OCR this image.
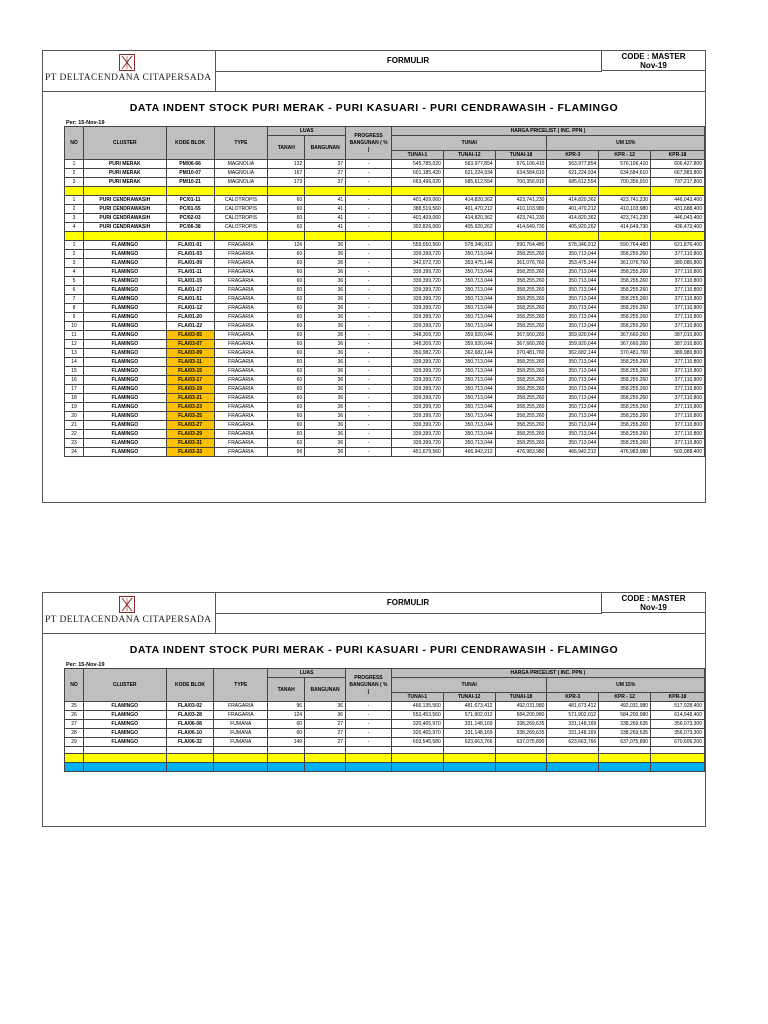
PT DELTACENDANA CITAPERSADA
FORMULIR	CODE : MASTER
Nov-19
DATA INDENT STOCK PURI MERAK - PURI KASUARI - PURI CENDRAWASIH - FLAMINGO
Per: 15-Nov-19
NO	CLUSTER	KODE BLOK	TYPE	LUAS		PROGRESS BANGUNAN ( % )	HARGA PRICELIST ( INC. PPN )					
				TANAH	BANGUNAN		TUNAI			UM 15%		
							TUNAI-1	TUNAI-12	TUNAI-18	KPR-3	KPR - 12	KPR-18
1	PURI MERAK	PM/06-66	MAGNOLIA	132	37	-	545,785,020	563,977,854	576,106,410	563,977,854	576,106,410	606,427,800
2	PURI MERAK	PM/10-07	MAGNOLIA	167	27	-	601,185,420	621,224,934	634,584,610	621,224,934	634,584,610	667,983,800
3	PURI MERAK	PM/10-21	MAGNOLIA	173	37	-	663,496,020	685,612,554	700,356,910	685,612,554	700,356,910	737,217,800

1	PURI CENDRAWASIH	PC/01-11	CALOTROPIS	60	41	-	401,409,060	414,820,362	423,741,230	414,820,362	423,741,230	446,043,400
2	PURI CENDRAWASIH	PC/01-55	CALOTROPIS	60	41	-	388,519,560	401,470,212	410,103,980	401,470,212	410,103,980	431,688,400
3	PURI CENDRAWASIH	PC/02-03	CALOTROPIS	60	41	-	401,409,060	414,820,362	423,741,230	414,820,362	423,741,230	446,043,400
4	PURI CENDRAWASIH	PC/06-38	CALOTROPIS	60	41	-	392,826,060	405,920,262	414,649,730	405,920,262	414,649,730	436,473,400

1	FLAMINGO	FLA/01-01	FRAGARIA	126	36	-	559,650,560	578,346,912	590,764,480	578,346,912	590,764,480	621,876,400
2	FLAMINGO	FLA/01-03	FRAGARIA	60	36	-	339,399,720	350,713,044	358,255,260	350,713,044	358,255,260	377,110,800
3	FLAMINGO	FLA/01-09	FRAGARIA	60	36	-	342,072,720	353,475,144	361,076,760	353,475,144	361,076,760	380,080,800
4	FLAMINGO	FLA/01-11	FRAGARIA	60	36	-	339,399,720	350,713,044	358,255,260	350,713,044	358,255,260	377,110,800
5	FLAMINGO	FLA/01-15	FRAGARIA	60	36	-	339,399,720	350,713,044	358,255,260	350,713,044	358,255,260	377,110,800
6	FLAMINGO	FLA/01-17	FRAGARIA	60	36	-	339,399,720	350,713,044	358,255,260	350,713,044	358,255,260	377,110,800
7	FLAMINGO	FLA/01-51	FRAGARIA	60	36	-	339,399,720	350,713,044	358,255,260	350,713,044	358,255,260	377,110,800
8	FLAMINGO	FLA/01-12	FRAGARIA	60	36	-	339,399,720	350,713,044	358,255,260	350,713,044	358,255,260	377,110,800
9	FLAMINGO	FLA/01-20	FRAGARIA	60	36	-	339,399,720	350,713,044	358,255,260	350,713,044	358,255,260	377,110,800
10	FLAMINGO	FLA/01-22	FRAGARIA	60	36	-	339,399,720	350,713,044	358,255,260	350,713,044	358,255,260	377,110,800
11	FLAMINGO	FLA/03-05	FRAGARIA	60	36	-	348,309,720	359,920,044	367,660,260	359,920,044	367,660,260	387,010,800
12	FLAMINGO	FLA/03-07	FRAGARIA	60	36	-	348,309,720	359,920,044	367,660,260	359,920,044	367,660,260	387,010,800
13	FLAMINGO	FLA/03-09	FRAGARIA	60	36	-	350,982,720	362,682,144	370,481,760	362,682,144	370,481,760	389,980,800
14	FLAMINGO	FLA/03-11	FRAGARIA	60	36	-	339,399,720	350,713,044	358,255,260	350,713,044	358,255,260	377,110,800
15	FLAMINGO	FLA/03-15	FRAGARIA	60	36	-	339,399,720	350,713,044	358,255,260	350,713,044	358,255,260	377,110,800
16	FLAMINGO	FLA/03-17	FRAGARIA	60	36	-	339,399,720	350,713,044	358,255,260	350,713,044	358,255,260	377,110,800
17	FLAMINGO	FLA/03-19	FRAGARIA	60	36	-	339,399,720	350,713,044	358,255,260	350,713,044	358,255,260	377,110,800
18	FLAMINGO	FLA/03-21	FRAGARIA	60	36	-	339,399,720	350,713,044	358,255,260	350,713,044	358,255,260	377,110,800
19	FLAMINGO	FLA/03-23	FRAGARIA	60	36	-	339,399,720	350,713,044	358,255,260	350,713,044	358,255,260	377,110,800
20	FLAMINGO	FLA/03-25	FRAGARIA	60	36	-	339,399,720	350,713,044	358,255,260	350,713,044	358,255,260	377,110,800
21	FLAMINGO	FLA/03-27	FRAGARIA	60	36	-	339,399,720	350,713,044	358,255,260	350,713,044	358,255,260	377,110,800
22	FLAMINGO	FLA/03-29	FRAGARIA	60	36	-	339,399,720	350,713,044	358,255,260	350,713,044	358,255,260	377,110,800
23	FLAMINGO	FLA/03-31	FRAGARIA	60	36	-	339,399,720	350,713,044	358,255,260	350,713,044	358,255,260	377,110,800
24	FLAMINGO	FLA/03-33	FRAGARIA	96	36	-	451,679,560	466,942,212	476,983,980	466,942,212	476,983,980	502,088,400
PT DELTACENDANA CITAPERSADA
FORMULIR	CODE : MASTER
Nov-19
DATA INDENT STOCK PURI MERAK - PURI KASUARI - PURI CENDRAWASIH - FLAMINGO
Per: 15-Nov-19
NO	CLUSTER	KODE BLOK	TYPE	LUAS		PROGRESS BANGUNAN ( % )	HARGA PRICELIST ( INC. PPN )					
				TANAH	BANGUNAN		TUNAI			UM 15%		
							TUNAI-1	TUNAI-12	TUNAI-18	KPR-3	KPR - 12	KPR-18
25	FLAMINGO	FLA/03-02	FRAGARIA	96	36	-	466,135,560	481,673,412	492,031,980	481,673,412	492,031,980	517,928,400
26	FLAMINGO	FLA/03-28	FRAGARIA	124	36	-	553,453,560	571,902,012	584,200,980	571,902,012	584,200,980	614,948,400
27	FLAMINGO	FLA/06-08	FUMANA	60	27	-	320,465,970	331,148,169	338,269,635	331,148,169	338,269,635	356,073,300
28	FLAMINGO	FLA/06-10	FUMANA	60	27	-	320,465,970	331,148,169	338,269,635	331,148,169	338,269,635	356,073,300
29	FLAMINGO	FLA/06-32	FUMANA	149	27	-	603,545,580	623,663,766	637,075,890	623,663,766	637,075,890	670,606,200
